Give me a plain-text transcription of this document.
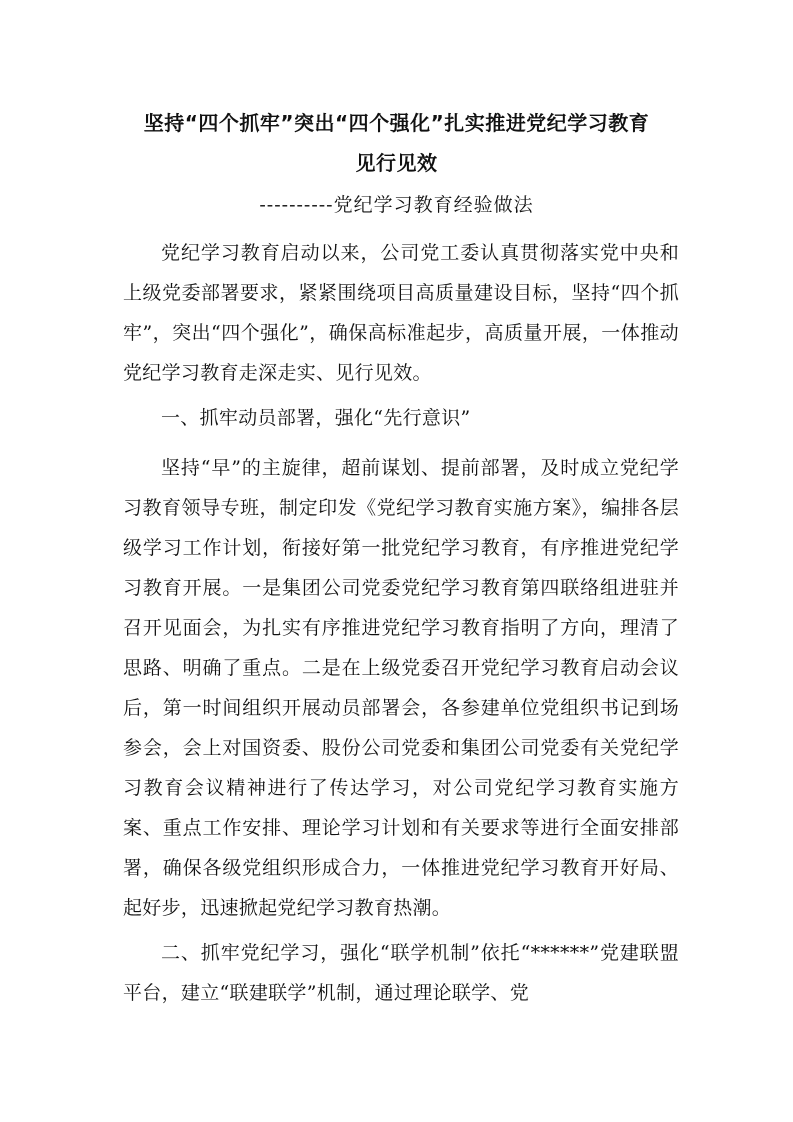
坚持“四个抓牢”突出“四个强化”扎实推进党纪学习教育
见行见效
----------党纪学习教育经验做法

党纪学习教育启动以来，公司党工委认真贯彻落实党中央和上级党委部署要求，紧紧围绕项目高质量建设目标，坚持“四个抓牢”，突出“四个强化”，确保高标准起步，高质量开展，一体推动党纪学习教育走深走实、见行见效。

一、抓牢动员部署，强化“先行意识”

坚持“早”的主旋律，超前谋划、提前部署，及时成立党纪学习教育领导专班，制定印发《党纪学习教育实施方案》，编排各层级学习工作计划，衔接好第一批党纪学习教育，有序推进党纪学习教育开展。一是集团公司党委党纪学习教育第四联络组进驻并召开见面会，为扎实有序推进党纪学习教育指明了方向，理清了思路、明确了重点。二是在上级党委召开党纪学习教育启动会议后，第一时间组织开展动员部署会，各参建单位党组织书记到场参会，会上对国资委、股份公司党委和集团公司党委有关党纪学习教育会议精神进行了传达学习，对公司党纪学习教育实施方案、重点工作安排、理论学习计划和有关要求等进行全面安排部署，确保各级党组织形成合力，一体推进党纪学习教育开好局、起好步，迅速掀起党纪学习教育热潮。

二、抓牢党纪学习，强化“联学机制”依托“******”党建联盟平台，建立“联建联学”机制，通过理论联学、党
